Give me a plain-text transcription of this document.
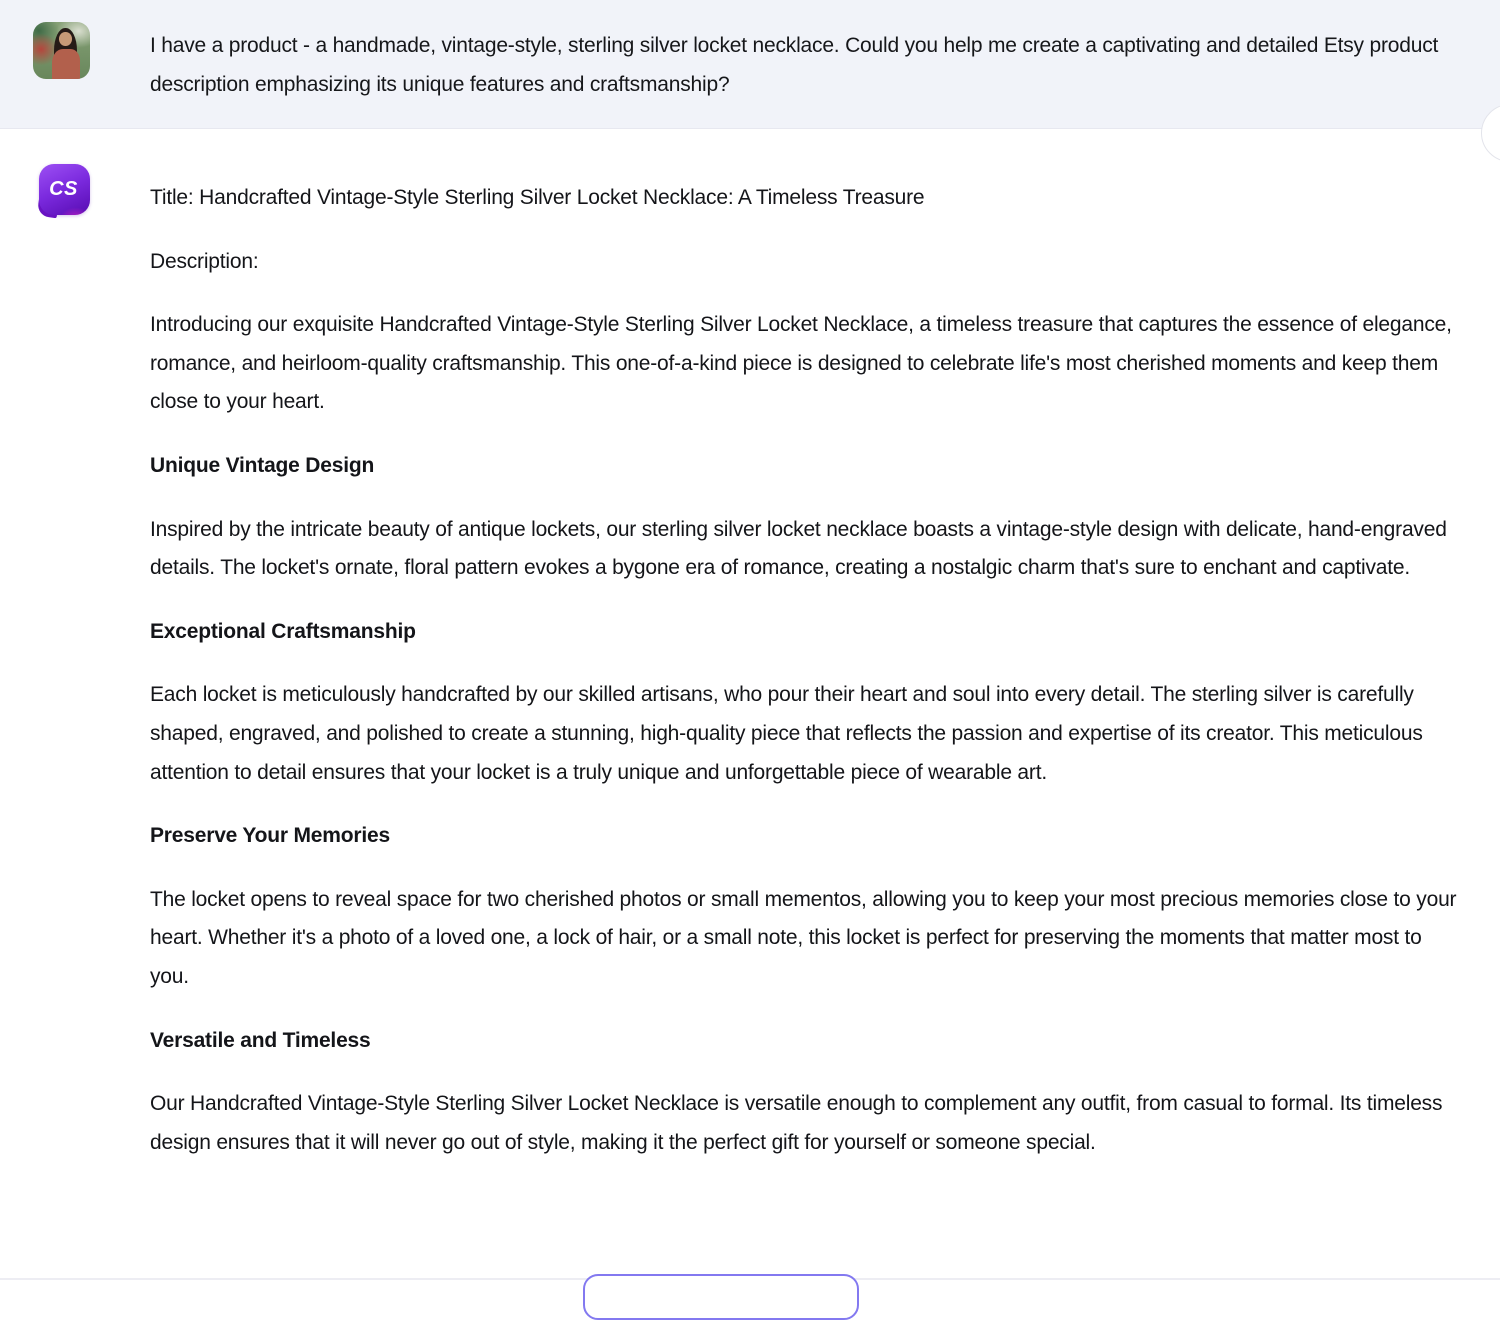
I have a product - a handmade, vintage-style, sterling silver locket necklace. Could you help me create a captivating and detailed Etsy product description emphasizing its unique features and craftsmanship?
CS	Title: Handcrafted Vintage-Style Sterling Silver Locket Necklace: A Timeless Treasure

Description:

Introducing our exquisite Handcrafted Vintage-Style Sterling Silver Locket Necklace, a timeless treasure that captures the essence of elegance, romance, and heirloom-quality craftsmanship. This one-of-a-kind piece is designed to celebrate life's most cherished moments and keep them close to your heart.

Unique Vintage Design

Inspired by the intricate beauty of antique lockets, our sterling silver locket necklace boasts a vintage-style design with delicate, hand-engraved details. The locket's ornate, floral pattern evokes a bygone era of romance, creating a nostalgic charm that's sure to enchant and captivate.

Exceptional Craftsmanship

Each locket is meticulously handcrafted by our skilled artisans, who pour their heart and soul into every detail. The sterling silver is carefully shaped, engraved, and polished to create a stunning, high-quality piece that reflects the passion and expertise of its creator. This meticulous attention to detail ensures that your locket is a truly unique and unforgettable piece of wearable art.

Preserve Your Memories

The locket opens to reveal space for two cherished photos or small mementos, allowing you to keep your most precious memories close to your heart. Whether it's a photo of a loved one, a lock of hair, or a small note, this locket is perfect for preserving the moments that matter most to you.

Versatile and Timeless

Our Handcrafted Vintage-Style Sterling Silver Locket Necklace is versatile enough to complement any outfit, from casual to formal. Its timeless design ensures that it will never go out of style, making it the perfect gift for yourself or someone special.
